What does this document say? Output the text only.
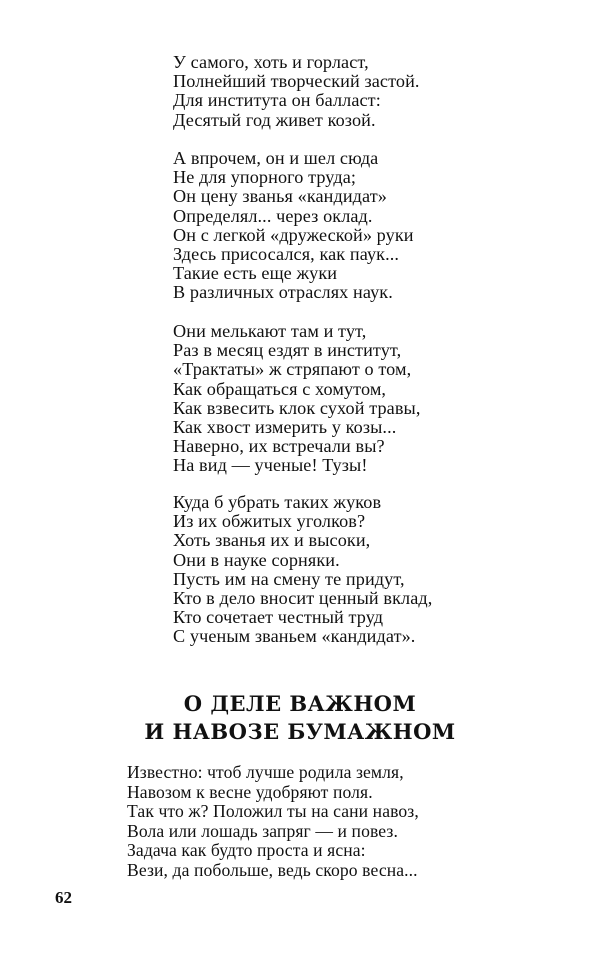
У самого, хоть и горласт,
Полнейший творческий застой.
Для института он балласт:
Десятый год живет козой.
А впрочем, он и шел сюда
Не для упорного труда;
Он цену званья «кандидат»
Определял... через оклад.
Он с легкой «дружеской» руки
Здесь присосался, как паук...
Такие есть еще жуки
В различных отраслях наук.
Они мелькают там и тут,
Раз в месяц ездят в институт,
«Трактаты» ж стряпают о том,
Как обращаться с хомутом,
Как взвесить клок сухой травы,
Как хвост измерить у козы...
Наверно, их встречали вы?
На вид — ученые! Тузы!
Куда б убрать таких жуков
Из их обжитых уголков?
Хоть званья их и высоки,
Они в науке сорняки.
Пусть им на смену те придут,
Кто в дело вносит ценный вклад,
Кто сочетает честный труд
С ученым званьем «кандидат».
О ДЕЛЕ ВАЖНОМ
И НАВОЗЕ БУМАЖНОМ
Известно: чтоб лучше родила земля,
Навозом к весне удобряют поля.
Так что ж? Положил ты на сани навоз,
Вола или лошадь запряг — и повез.
Задача как будто проста и ясна:
Вези, да побольше, ведь скоро весна...
62
